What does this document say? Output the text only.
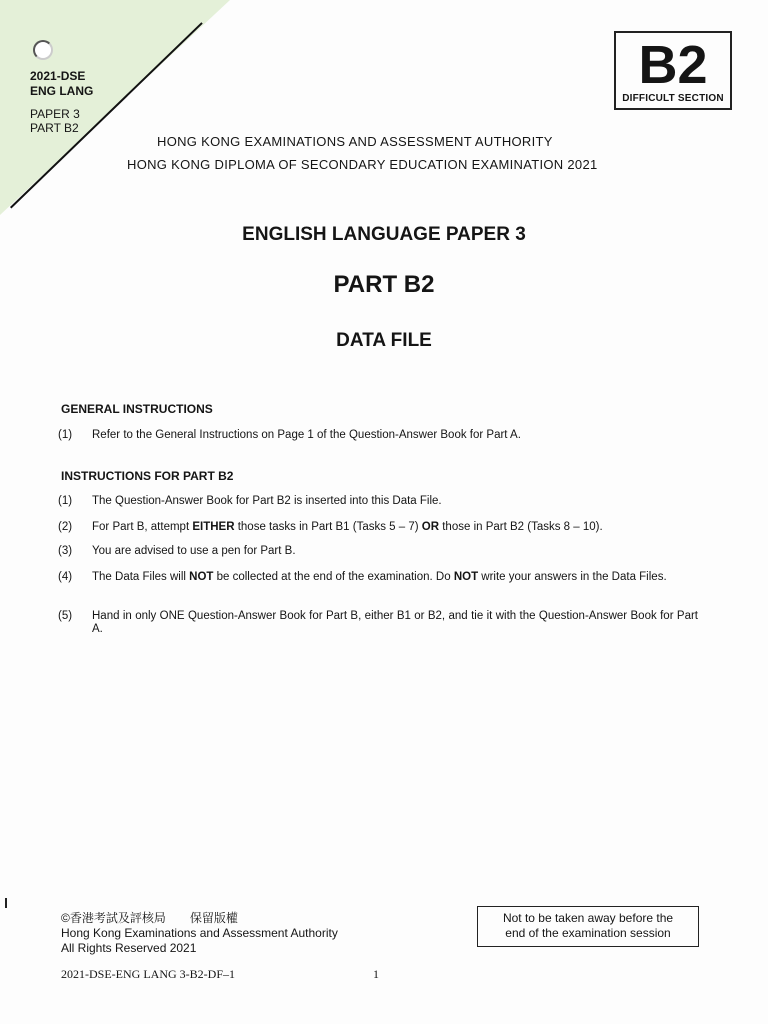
2021-DSE
ENG LANG
PAPER 3
PART B2
B2
DIFFICULT SECTION
HONG KONG EXAMINATIONS AND ASSESSMENT AUTHORITY
HONG KONG DIPLOMA OF SECONDARY EDUCATION EXAMINATION 2021
ENGLISH LANGUAGE PAPER 3
PART B2
DATA FILE
GENERAL INSTRUCTIONS
(1) Refer to the General Instructions on Page 1 of the Question-Answer Book for Part A.
INSTRUCTIONS FOR PART B2
(1) The Question-Answer Book for Part B2 is inserted into this Data File.
(2) For Part B, attempt EITHER those tasks in Part B1 (Tasks 5 – 7) OR those in Part B2 (Tasks 8 – 10).
(3) You are advised to use a pen for Part B.
(4) The Data Files will NOT be collected at the end of the examination. Do NOT write your answers in the Data Files.
(5) Hand in only ONE Question-Answer Book for Part B, either B1 or B2, and tie it with the Question-Answer Book for Part A.
©香港考試及評核局　　保留版權
Hong Kong Examinations and Assessment Authority
All Rights Reserved 2021
Not to be taken away before the
end of the examination session
2021-DSE-ENG LANG 3-B2-DF–1	1
